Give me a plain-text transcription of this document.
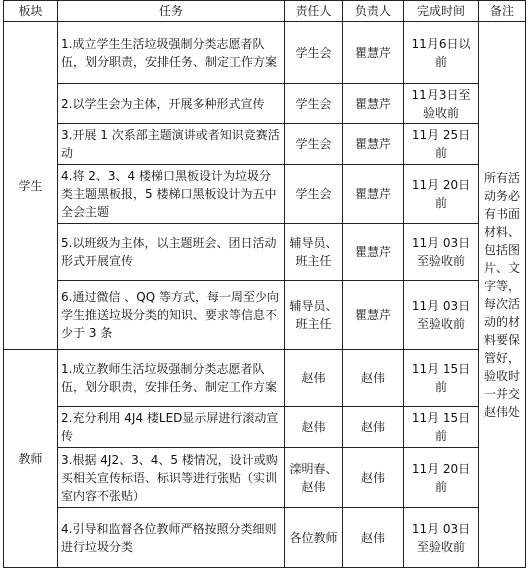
板块	任务	责任人	负责人	完成时间	备注
学生	1.成立学生生活垃圾强制分类志愿者队伍，划分职责，安排任务、制定工作方案	学生会	瞿慧芹	11月6日以前	所有活动务必有书面材料、包括图片、文字等，每次活动的材料要保管好，验收时一并交赵伟处
	2.以学生会为主体，开展多种形式宣传	学生会	瞿慧芹	11月3日至验收前	
	3.开展 1 次系部主题演讲或者知识竞赛活动	学生会	瞿慧芹	11月 25日前	
	4.将 2、3、4 楼梯口黑板设计为垃圾分类主题黑板报，5 楼梯口黑板设计为五中全会主题	学生会	瞿慧芹	11月 20日前	
	5.以班级为主体，以主题班会、团日活动形式开展宣传	辅导员、班主任	瞿慧芹	11月 03日至验收前	
	6.通过微信 、QQ 等方式，每一周至少向学生推送垃圾分类的知识、要求等信息不少于 3 条	辅导员、班主任	瞿慧芹	11月 03日至验收前	
教师	1.成立教师生活垃圾强制分类志愿者队伍，划分职责，安排任务、制定工作方案	赵伟	赵伟	11月 15日前	
	2.充分利用 4J4 楼LED显示屏进行滚动宣传	赵伟	赵伟	11月 15日前	
	3.根据 4J2、3、4、5 楼情况，设计或购买相关宣传标语、标识等进行张贴（实训室内容不张贴）	滦明春、赵伟	赵伟	11月 20日前	
	4.引导和监督各位教师严格按照分类细则进行垃圾分类	各位教师	赵伟	11月 03日至验收前	
